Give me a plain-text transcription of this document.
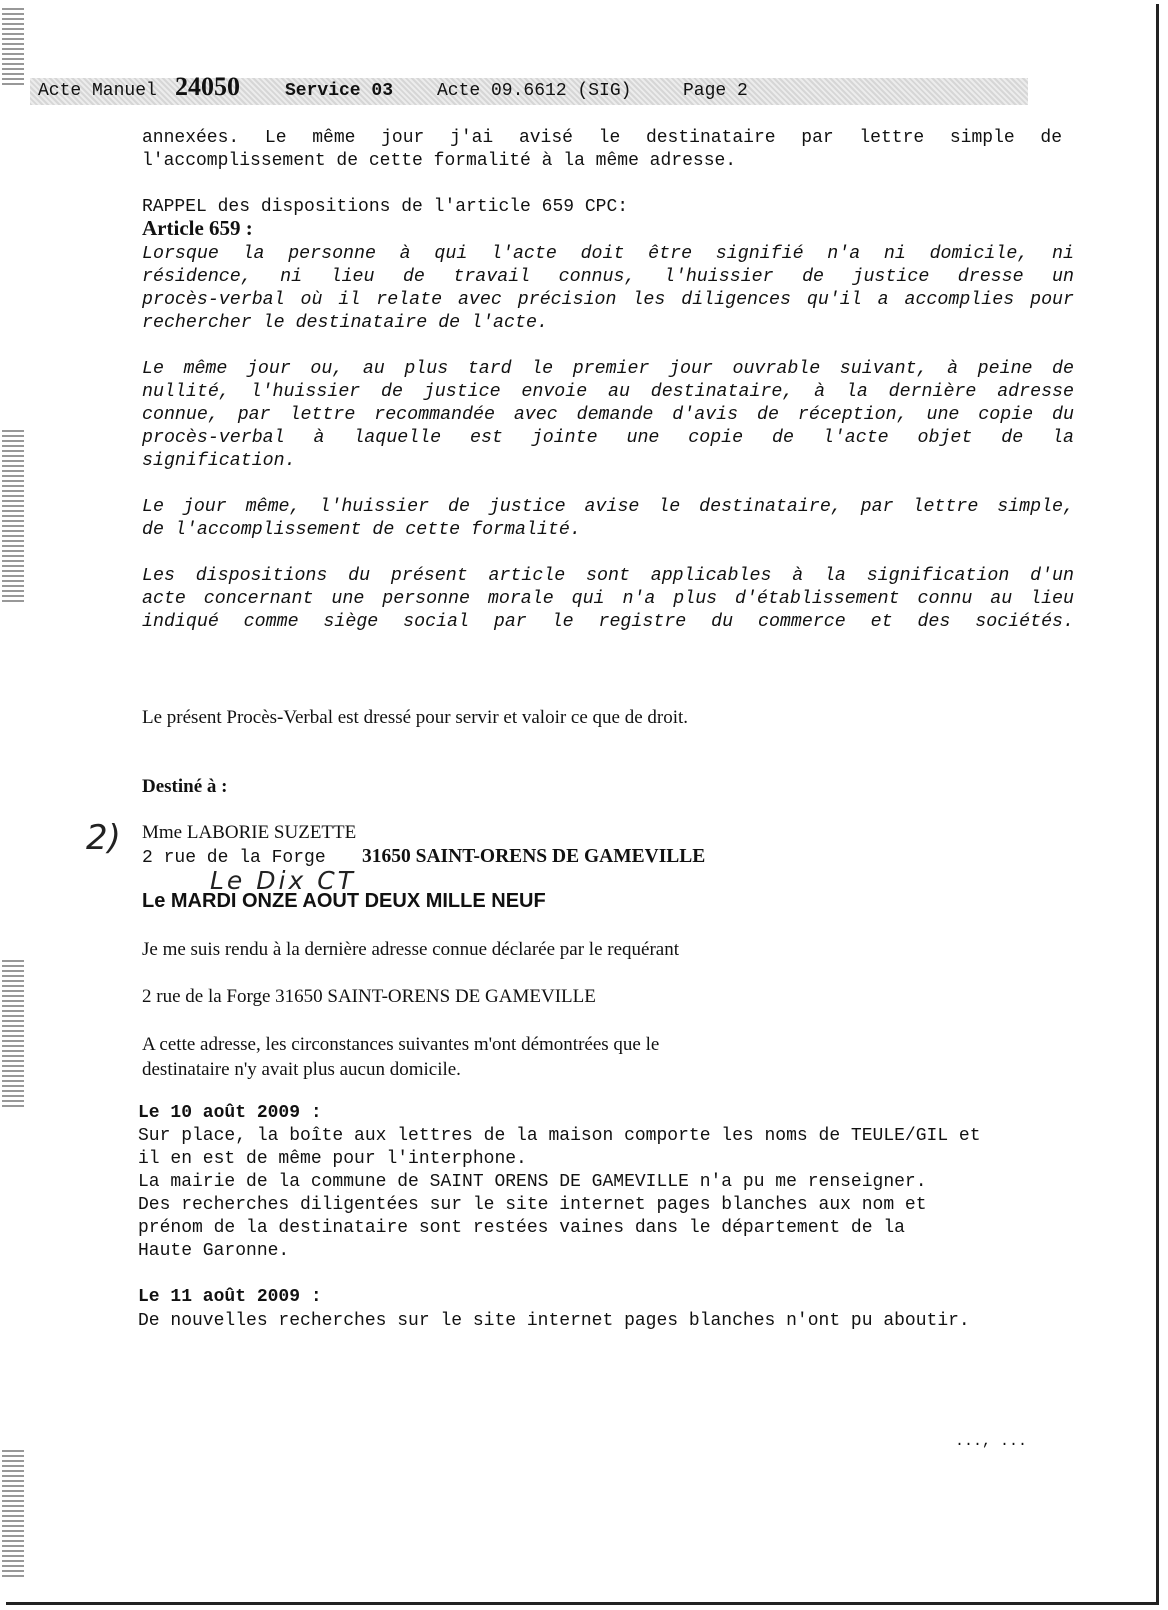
Acte Manuel 24050	Service 03 Acte 09.6612 (SIG)	Page 2
annexées. Le même jour j'ai avisé le destinataire par lettre simple de
l'accomplissement de cette formalité à la même adresse.
RAPPEL des dispositions de l'article 659 CPC:
Article 659 :
Lorsque la personne à qui l'acte doit être signifié n'a ni domicile, ni
résidence, ni lieu de travail connus, l'huissier de justice dresse un
procès-verbal où il relate avec précision les diligences qu'il a accomplies pour
rechercher le destinataire de l'acte.
Le même jour ou, au plus tard le premier jour ouvrable suivant, à peine de
nullité, l'huissier de justice envoie au destinataire, à la dernière adresse
connue, par lettre recommandée avec demande d'avis de réception, une copie du
procès-verbal à laquelle est jointe une copie de l'acte objet de la
signification.
Le jour même, l'huissier de justice avise le destinataire, par lettre simple,
de l'accomplissement de cette formalité.
Les dispositions du présent article sont applicables à la signification d'un
acte concernant une personne morale qui n'a plus d'établissement connu au lieu
indiqué comme siège social par le registre du commerce et des sociétés.
Le présent Procès-Verbal est dressé pour servir et valoir ce que de droit.
Destiné à :
2) Mme LABORIE SUZETTE
2 rue de la Forge 31650 SAINT-ORENS DE GAMEVILLE
Le Dix CT
Le MARDI ONZE AOUT DEUX MILLE NEUF
Je me suis rendu à la dernière adresse connue déclarée par le requérant
2 rue de la Forge 31650 SAINT-ORENS DE GAMEVILLE
A cette adresse, les circonstances suivantes m'ont démontrées que le
destinataire n'y avait plus aucun domicile.
Le 10 août 2009 :
Sur place, la boîte aux lettres de la maison comporte les noms de TEULE/GIL et
il en est de même pour l'interphone.
La mairie de la commune de SAINT ORENS DE GAMEVILLE n'a pu me renseigner.
Des recherches diligentées sur le site internet pages blanches aux nom et
prénom de la destinataire sont restées vaines dans le département de la
Haute Garonne.
Le 11 août 2009 :
De nouvelles recherches sur le site internet pages blanches n'ont pu aboutir.
..., ...
